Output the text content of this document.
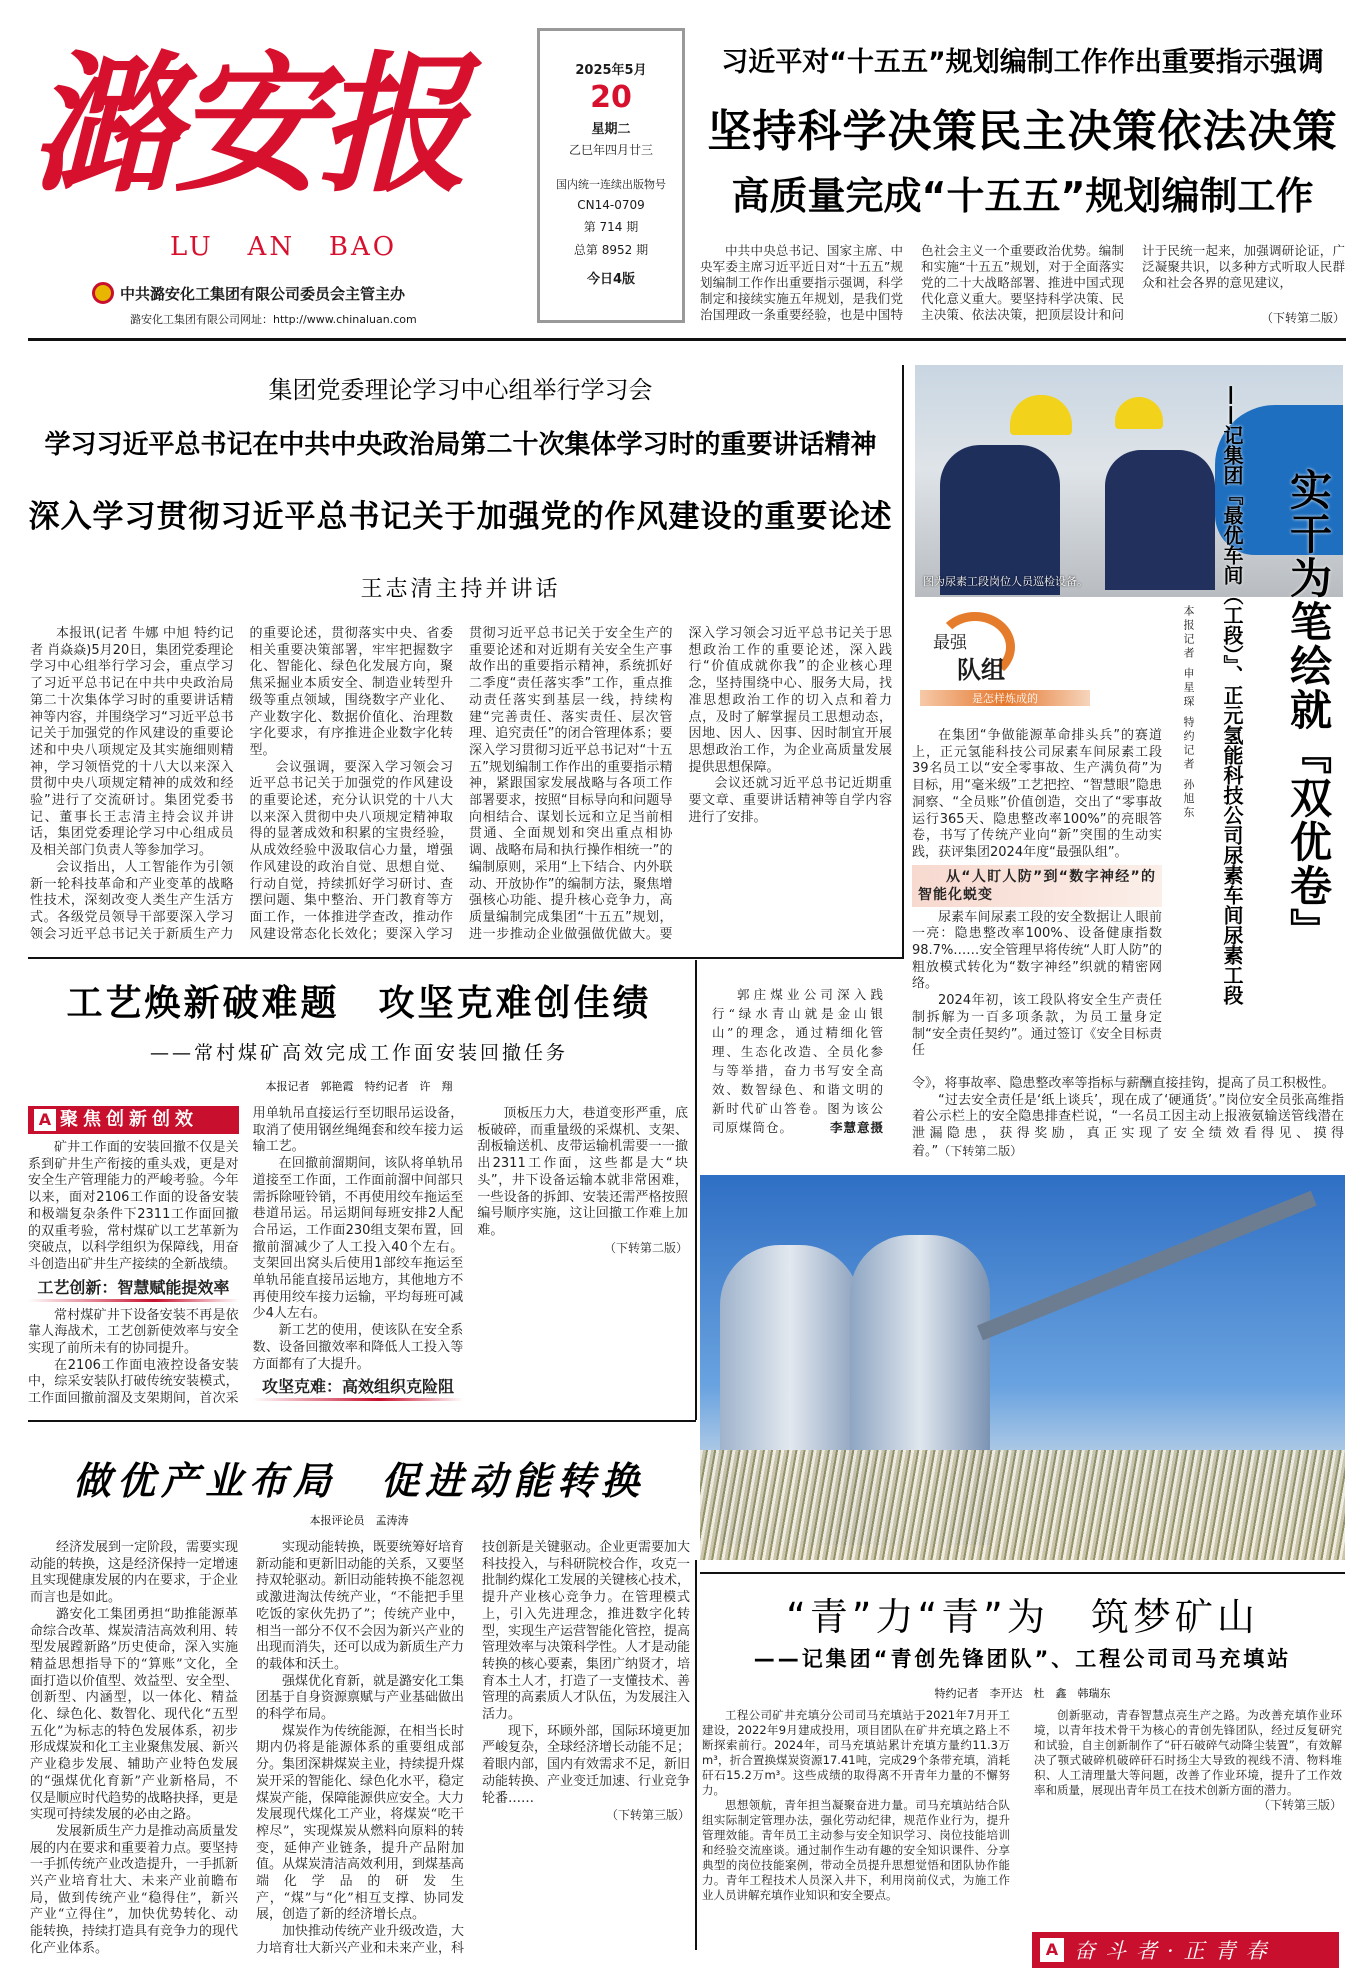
潞安报
LU   AN   BAO
中共潞安化工集团有限公司委员会主管主办
潞安化工集团有限公司网址：http://www.chinaluan.com
2025年5月
20
星期二
乙巳年四月廿三
国内统一连续出版物号
CN14-0709
第 714 期
总第 8952 期
今日4版
习近平对“十五五”规划编制工作作出重要指示强调
坚持科学决策民主决策依法决策
高质量完成“十五五”规划编制工作

中共中央总书记、国家主席、中央军委主席习近平近日对“十五五”规划编制工作作出重要指示强调，科学制定和接续实施五年规划，是我们党治国理政一条重要经验，也是中国特色社会主义一个重要政治优势。编制和实施“十五五”规划，对于全面落实党的二十大战略部署、推进中国式现代化意义重大。要坚持科学决策、民主决策、依法决策，把顶层设计和问计于民统一起来，加强调研论证，广泛凝聚共识，以多种方式听取人民群众和社会各界的意见建议，

（下转第二版）
集团党委理论学习中心组举行学习会
学习习近平总书记在中共中央政治局第二十次集体学习时的重要讲话精神
深入学习贯彻习近平总书记关于加强党的作风建设的重要论述
王志清主持并讲话

本报讯(记者 牛娜 中旭 特约记者 肖焱焱)5月20日，集团党委理论学习中心组举行学习会，重点学习了习近平总书记在中共中央政治局第二十次集体学习时的重要讲话精神等内容，并围绕学习“习近平总书记关于加强党的作风建设的重要论述和中央八项规定及其实施细则精神，学习领悟党的十八大以来深入贯彻中央八项规定精神的成效和经验”进行了交流研讨。集团党委书记、董事长王志清主持会议并讲话，集团党委理论学习中心组成员及相关部门负责人等参加学习。

会议指出，人工智能作为引领新一轮科技革命和产业变革的战略性技术，深刻改变人类生产生活方式。各级党员领导干部要深入学习领会习近平总书记关于新质生产力的重要论述，贯彻落实中央、省委相关重要决策部署，牢牢把握数字化、智能化、绿色化发展方向，聚焦采掘业本质安全、制造业转型升级等重点领域，围绕数字产业化、产业数字化、数据价值化、治理数字化要求，有序推进企业数字化转型。

会议强调，要深入学习领会习近平总书记关于加强党的作风建设的重要论述，充分认识党的十八大以来深入贯彻中央八项规定精神取得的显著成效和积累的宝贵经验，从成效经验中汲取信心力量，增强作风建设的政治自觉、思想自觉、行动自觉，持续抓好学习研讨、查摆问题、集中整治、开门教育等方面工作，一体推进学查改，推动作风建设常态化长效化；要深入学习贯彻习近平总书记关于安全生产的重要论述和对近期有关安全生产事故作出的重要指示精神，系统抓好二季度“责任落实季”工作，重点推动责任落实到基层一线，持续构建“完善责任、落实责任、层次管理、追究责任”的闭合管理体系；要深入学习贯彻习近平总书记对“十五五”规划编制工作作出的重要指示精神，紧跟国家发展战略与各项工作部署要求，按照“目标导向和问题导向相结合、谋划长远和立足当前相贯通、全面规划和突出重点相协调、战略布局和执行操作相统一”的编制原则，采用“上下结合、内外联动、开放协作”的编制方法，聚焦增强核心功能、提升核心竞争力，高质量编制完成集团“十五五”规划，进一步推动企业做强做优做大。要深入学习领会习近平总书记关于思想政治工作的重要论述，深入践行“价值成就你我”的企业核心理念，坚持围绕中心、服务大局，找准思想政治工作的切入点和着力点，及时了解掌握员工思想动态，因地、因人、因事、因时制宜开展思想政治工作，为企业高质量发展提供思想保障。

会议还就习近平总书记近期重要文章、重要讲话精神等自学内容进行了安排。

图为尿素工段岗位人员巡检设备。	实干为笔绘就『双优卷』
——记集团『最优车间（工段）』、正元氢能科技公司尿素车间尿素工段
本报记者 申星琛 特约记者 孙旭东
最强
队组
是怎样炼成的

在集团“争做能源革命排头兵”的赛道上，正元氢能科技公司尿素车间尿素工段39名员工以“安全零事故、生产满负荷”为目标，用“毫米级”工艺把控、“智慧眼”隐患洞察、“全员账”价值创造，交出了“零事故运行365天、隐患整改率100%”的亮眼答卷，书写了传统产业向“新”突围的生动实践，获评集团2024年度“最强队组”。

从“人盯人防”到“数字神经”的智能化蜕变

尿素车间尿素工段的安全数据让人眼前一亮：隐患整改率100%、设备健康指数98.7%……安全管理早将传统“人盯人防”的粗放模式转化为“数字神经”织就的精密网络。

2024年初，该工段队将安全生产责任制拆解为一百多项条款，为员工量身定制“安全责任契约”。通过签订《安全目标责任

令》，将事故率、隐患整改率等指标与薪酬直接挂钩，提高了员工积极性。

“过去安全责任是‘纸上谈兵’，现在成了‘硬通货’。”岗位安全员张高维指着公示栏上的安全隐患排查栏说，“一名员工因主动上报液氨输送管线潜在泄漏隐患，获得奖励，真正实现了安全绩效看得见、摸得着。”（下转第二版）

工艺焕新破难题　攻坚克难创佳绩
——常村煤矿高效完成工作面安装回撤任务
本报记者　郭艳霞　特约记者　许　翔
A 聚焦创新创效

矿井工作面的安装回撤不仅是关系到矿井生产衔接的重头戏，更是对安全生产管理能力的严峻考验。今年以来，面对2106工作面的设备安装和极端复杂条件下2311工作面回撤的双重考验，常村煤矿以工艺革新为突破点，以科学组织为保障线，用奋斗创造出矿井生产接续的全新战绩。

工艺创新：智慧赋能提效率

常村煤矿井下设备安装不再是依靠人海战术，工艺创新使效率与安全实现了前所未有的协同提升。

在2106工作面电液控设备安装中，综采安装队打破传统安装模式，工作面回撤前溜及支架期间，首次采用单轨吊直接运行至切眼吊运设备，取消了使用钢丝绳绳套和绞车接力运输工艺。

在回撤前溜期间，该队将单轨吊道接至工作面，工作面前溜中间部只需拆除哑铃销，不再使用绞车拖运至巷道吊运。吊运期间每班安排2人配合吊运，工作面230组支架布置，回撤前溜减少了人工投入40个左右。支架回出窝头后使用1部绞车拖运至单轨吊能直接吊运地方，其他地方不再使用绞车接力运输，平均每班可减少4人左右。

新工艺的使用，使该队在安全系数、设备回撤效率和降低人工投入等方面都有了大提升。

攻坚克难：高效组织克险阻

顶板压力大，巷道变形严重，底板破碎，而重量级的采煤机、支架、刮板输送机、皮带运输机需要一一撤出2311工作面，这些都是大“块头”，井下设备运输本就非常困难，一些设备的拆卸、安装还需严格按照编号顺序实施，这让回撤工作难上加难。

（下转第二版）

郭庄煤业公司深入践行“绿水青山就是金山银山”的理念，通过精细化管理、生态化改造、全员化参与等举措，奋力书写安全高效、数智绿色、和谐文明的新时代矿山答卷。图为该公司原煤筒仓。	李慧意摄
做优产业布局　促进动能转换
本报评论员　孟涛涛

经济发展到一定阶段，需要实现动能的转换，这是经济保持一定增速且实现健康发展的内在要求，于企业而言也是如此。

潞安化工集团勇担“助推能源革命综合改革、煤炭清洁高效利用、转型发展蹚新路”历史使命，深入实施精益思想指导下的“算账”文化，全面打造以价值型、效益型、安全型、创新型、内涵型，以一体化、精益化、绿色化、数智化、现代化“五型五化”为标志的特色发展体系，初步形成煤炭和化工主业聚焦发展、新兴产业稳步发展、辅助产业特色发展的“强煤优化育新”产业新格局，不仅是顺应时代趋势的战略抉择，更是实现可持续发展的必由之路。

发展新质生产力是推动高质量发展的内在要求和重要着力点。要坚持一手抓传统产业改造提升，一手抓新兴产业培育壮大、未来产业前瞻布局，做到传统产业“稳得住”，新兴产业“立得住”，加快优势转化、动能转换，持续打造具有竞争力的现代化产业体系。

实现动能转换，既要统筹好培育新动能和更新旧动能的关系，又要坚持双轮驱动。新旧动能转换不能忽视或激进淘汰传统产业，“不能把手里吃饭的家伙先扔了”；传统产业中，相当一部分不仅不会因为新兴产业的出现而消失，还可以成为新质生产力的载体和沃土。

强煤优化育新，就是潞安化工集团基于自身资源禀赋与产业基础做出的科学布局。

煤炭作为传统能源，在相当长时期内仍将是能源体系的重要组成部分。集团深耕煤炭主业，持续提升煤炭开采的智能化、绿色化水平，稳定煤炭产能，保障能源供应安全。大力发展现代煤化工产业，将煤炭“吃干榨尽”，实现煤炭从燃料向原料的转变，延伸产业链条，提升产品附加值。从煤炭清洁高效利用，到煤基高端化学品的研发生产，“煤”与“化”相互支撑、协同发展，创造了新的经济增长点。

加快推动传统产业升级改造，大力培育壮大新兴产业和未来产业，科技创新是关键驱动。企业更需要加大科技投入，与科研院校合作，攻克一批制约煤化工发展的关键核心技术，提升产业核心竞争力。在管理模式上，引入先进理念，推进数字化转型，实现生产运营智能化管控，提高管理效率与决策科学性。人才是动能转换的核心要素，集团广纳贤才，培育本土人才，打造了一支懂技术、善管理的高素质人才队伍，为发展注入活力。

现下，环顾外部，国际环境更加严峻复杂，全球经济增长动能不足；着眼内部，国内有效需求不足，新旧动能转换、产业变迁加速、行业竞争轮番……

（下转第三版）

“青”力“青”为　筑梦矿山
——记集团“青创先锋团队”、工程公司司马充填站
特约记者　李开达　杜　鑫　韩瑞东

工程公司矿井充填分公司司马充填站于2021年7月开工建设，2022年9月建成投用，项目团队在矿井充填之路上不断探索前行。2024年，司马充填站累计充填方量约11.3万m³，折合置换煤炭资源17.41吨，完成29个条带充填，消耗矸石15.2万m³。这些成绩的取得离不开青年力量的不懈努力。

思想领航，青年担当凝聚奋进力量。司马充填站结合队组实际制定管理办法，强化劳动纪律，规范作业行为，提升管理效能。青年员工主动参与安全知识学习、岗位技能培训和经验交流座谈。通过制作生动有趣的安全知识课件、分享典型的岗位技能案例，带动全员提升思想觉悟和团队协作能力。青年工程技术人员深入井下，利用岗前仪式，为施工作业人员讲解充填作业知识和安全要点。

创新驱动，青春智慧点亮生产之路。为改善充填作业环境，以青年技术骨干为核心的青创先锋团队，经过反复研究和试验，自主创新制作了“矸石破碎气动降尘装置”，有效解决了颚式破碎机破碎矸石时扬尘大导致的视线不清、物料堆积、人工清理量大等问题，改善了作业环境，提升了工作效率和质量，展现出青年员工在技术创新方面的潜力。

（下转第三版）

A 奋斗者·正青春
